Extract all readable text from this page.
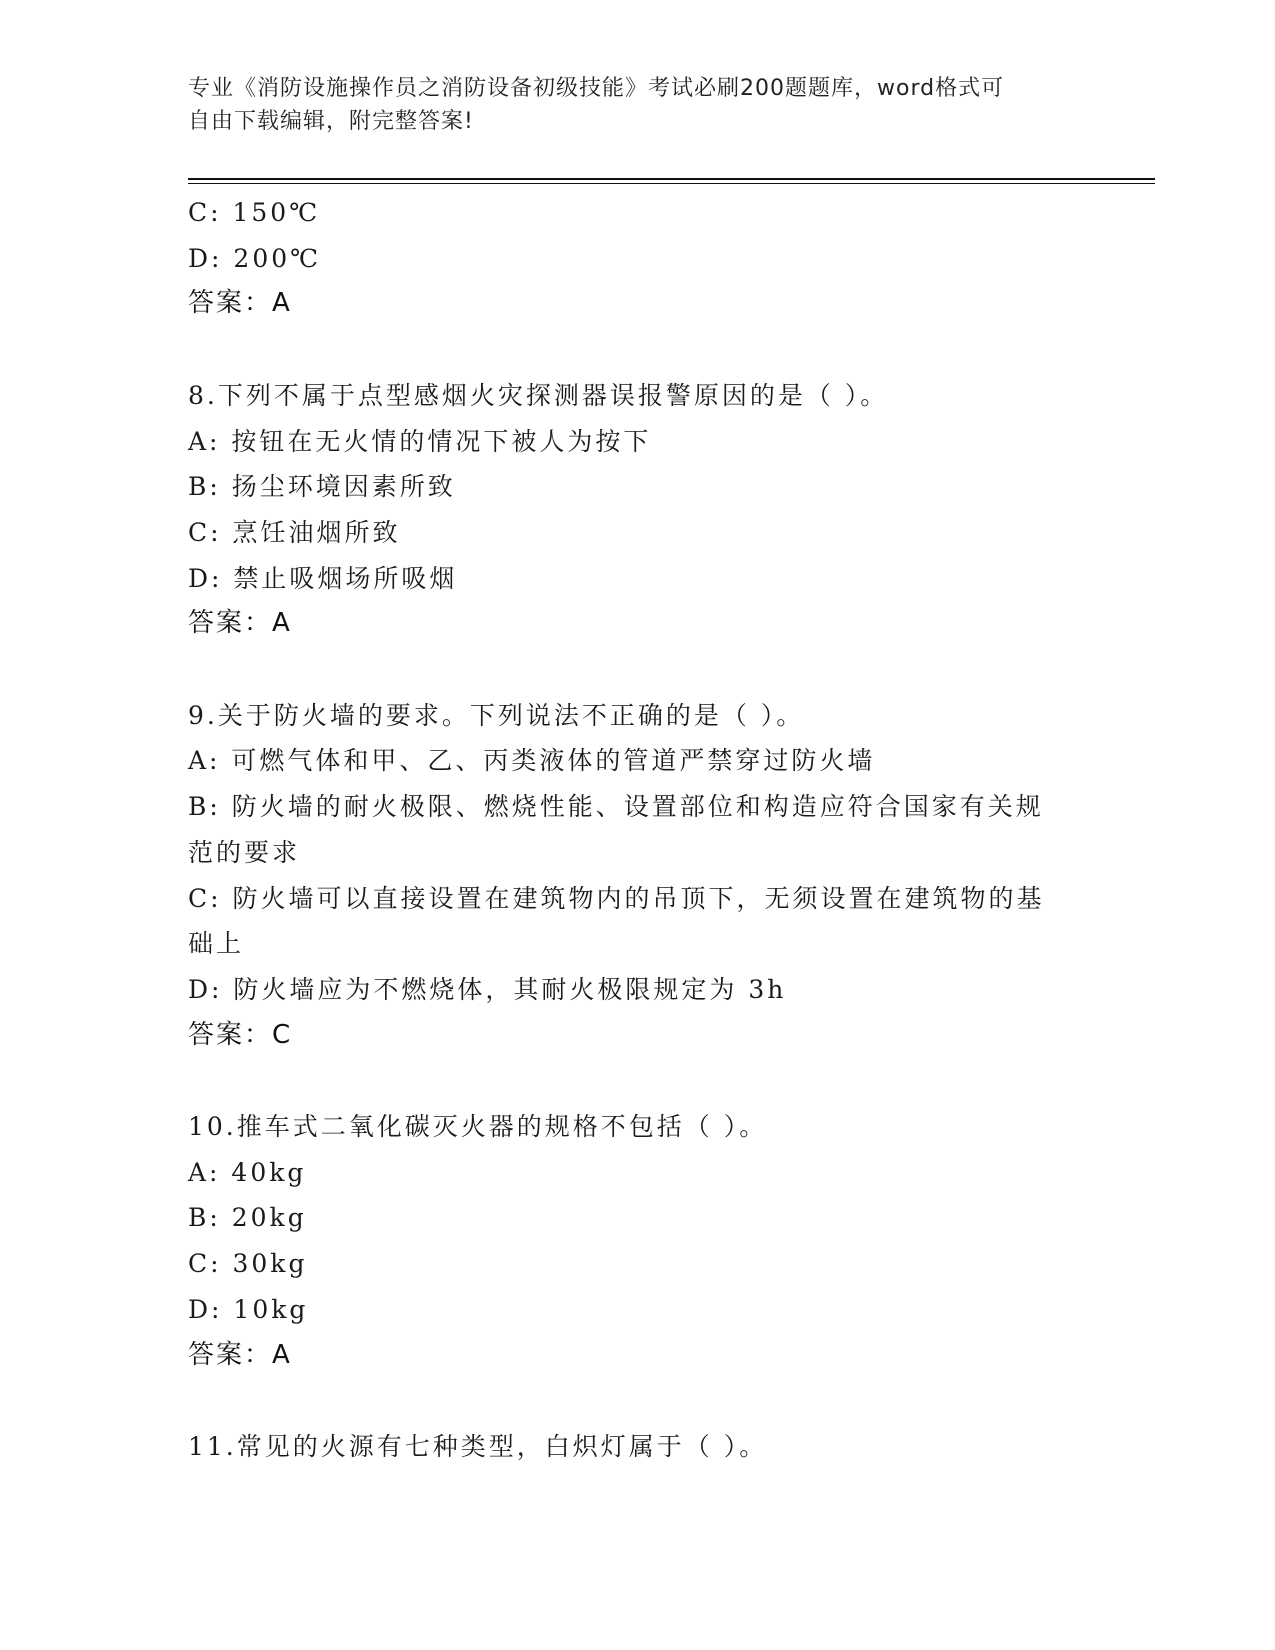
专业《消防设施操作员之消防设备初级技能》考试必刷200题题库，word格式可
自由下载编辑，附完整答案!

C: 150℃

D: 200℃

答案：A

8.下列不属于点型感烟火灾探测器误报警原因的是（ ）。

A: 按钮在无火情的情况下被人为按下

B: 扬尘环境因素所致

C: 烹饪油烟所致

D: 禁止吸烟场所吸烟

答案：A

9.关于防火墙的要求。下列说法不正确的是（ ）。

A: 可燃气体和甲、乙、丙类液体的管道严禁穿过防火墙

B: 防火墙的耐火极限、燃烧性能、设置部位和构造应符合国家有关规

范的要求

C: 防火墙可以直接设置在建筑物内的吊顶下，无须设置在建筑物的基

础上

D: 防火墙应为不燃烧体，其耐火极限规定为 3h

答案：C

10.推车式二氧化碳灭火器的规格不包括（ ）。

A: 40kg

B: 20kg

C: 30kg

D: 10kg

答案：A

11.常见的火源有七种类型，白炽灯属于（ ）。
